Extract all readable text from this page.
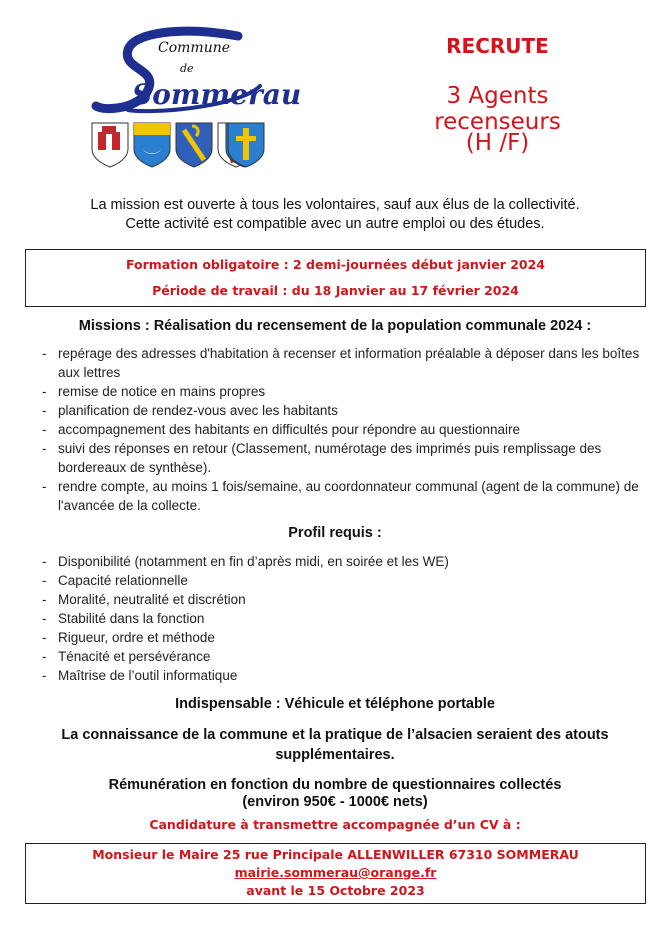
Commune
de
Sommerau
RECRUTE
3 Agents recenseurs
(H /F)
La mission est ouverte à tous les volontaires, sauf aux élus de la collectivité.
Cette activité est compatible avec un autre emploi ou des études.
Formation obligatoire : 2 demi-journées début janvier 2024
Période de travail : du 18 Janvier au 17 février 2024
Missions : Réalisation du recensement de la population communale 2024 :
- repérage des adresses d'habitation à recenser et information préalable à déposer dans les boîtes aux lettres
- remise de notice en mains propres
- planification de rendez-vous avec les habitants
- accompagnement des habitants en difficultés pour répondre au questionnaire
- suivi des réponses en retour (Classement, numérotage des imprimés puis remplissage des bordereaux de synthèse).
- rendre compte, au moins 1 fois/semaine, au coordonnateur communal (agent de la commune) de l'avancée de la collecte.
Profil requis :
- Disponibilité (notamment en fin d’après midi, en soirée et les WE)
- Capacité relationnelle
- Moralité, neutralité et discrétion
- Stabilité dans la fonction
- Rigueur, ordre et méthode
- Ténacité et persévérance
- Maîtrise de l’outil informatique
Indispensable : Véhicule et téléphone portable
La connaissance de la commune et la pratique de l’alsacien seraient des atouts supplémentaires.
Rémunération en fonction du nombre de questionnaires collectés
(environ 950€ - 1000€ nets)
Candidature à transmettre accompagnée d’un CV à :
Monsieur le Maire 25 rue Principale ALLENWILLER 67310 SOMMERAU
mairie.sommerau@orange.fr
avant le 15 Octobre 2023
